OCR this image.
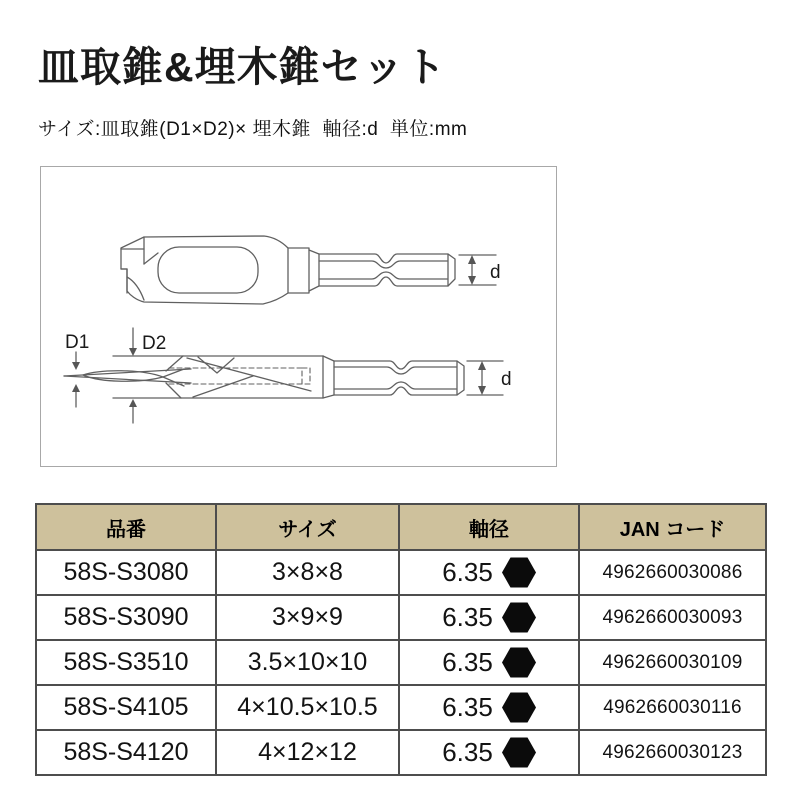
皿取錐&埋木錐セット
サイズ:皿取錐(D1×D2)× 埋木錐  軸径:d  単位:mm
d
d
D1	D2
品番	サイズ	軸径	JAN コード
58S-S3080	3×8×8	6.35	4962660030086
58S-S3090	3×9×9	6.35	4962660030093
58S-S3510	3.5×10×10	6.35	4962660030109
58S-S4105	4×10.5×10.5	6.35	4962660030116
58S-S4120	4×12×12	6.35	4962660030123
